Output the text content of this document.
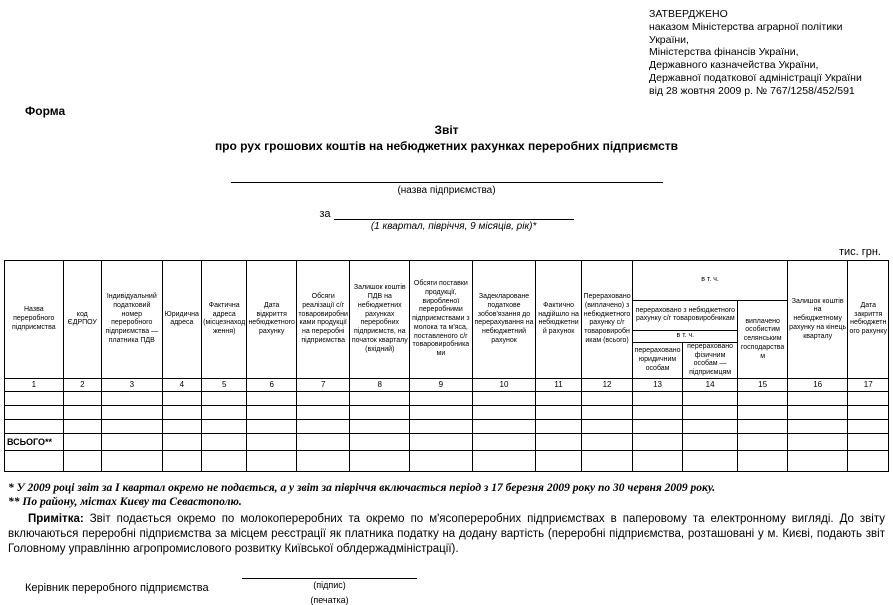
ЗАТВЕРДЖЕНО
наказом Міністерства аграрної політики України,
Міністерства фінансів України,
Державного казначейства України,
Державної податкової адміністрації України
від 28 жовтня 2009 р. № 767/1258/452/591
Форма
Звіт
про рух грошових коштів на небюджетних рахунках переробних підприємств
(назва підприємства)
за
(1 квартал, півріччя, 9 місяців, рік)*
тис. грн.
Назва переробного підприємства	код ЄДРПОУ	Індивідуальний податковий номер переробного підприємства — платника ПДВ	Юридична адреса	Фактична адреса (місцезнаходження)	Дата відкриття небюджетного рахунку	Обсяги реалізації с/г товаровиробниками продукції на переробні підприємства	Залишок коштів ПДВ на небюджетних рахунках переробних підприємств, на початок кварталу (вхідний)	Обсяги поставки продукції, виробленої переробними підприємствами з молока та м'яса, поставленого с/г товаровиробниками	Задеклароване податкове зобов'язання до перерахування на небюджетний рахунок	Фактично надійшло на небюджетний рахунок	Перераховано (виплачено) з небюджетного рахунку с/г товаровиробникам (всього)	в т. ч.			Залишок коштів на небюджетному рахунку на кінець кварталу	Дата закриття небюджетного рахунку
												перераховано з небюджетного рахунку с/г товаровиробникам		виплачено особистим селянським господарствам		
												в т. ч.				
												перераховано юридичним особам	перераховано фізичним особам — підприємцям			
1	2	3	4	5	6	7	8	9	10	11	12	13	14	15	16	17

ВСЬОГО**																

* У 2009 році звіт за I квартал окремо не подається, а у звіт за півріччя включається період з 17 березня 2009 року по 30 червня 2009 року.

** По району, містах Києву та Севастополю.

Примітка: Звіт подається окремо по молокопереробних та окремо по м'ясопереробних підприємствах в паперовому та електронному вигляді. До звіту включаються переробні підприємства за місцем реєстрації як платника податку на додану вартість (переробні підприємства, розташовані у м. Києві, подають звіт Головному управлінню агропромислового розвитку Київської облдержадміністрації).

Керівник переробного підприємства	(підпис)
(печатка)
